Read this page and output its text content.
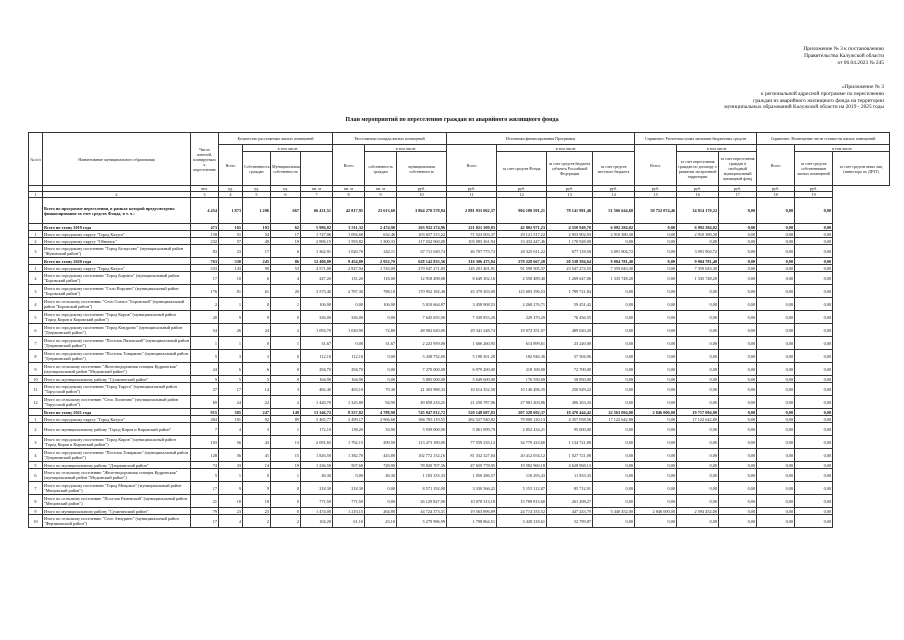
Приложение № 3 к постановлению
Правительства Калужской области
от 06.04.2023 № 245
«Приложение № 3
к региональной адресной программе по переселению
граждан из аварийного жилищного фонда на территории
муниципальных образований Калужской области на 2019 - 2025 годы
План мероприятий по переселению граждан из аварийного жилищного фонда
№ п/п	Наименование муниципального образования	Число жителей, планируемых к переселению	Количество расселяемых жилых помещений				Расселяемая площадь жилых помещений			Источники финансирования Программы				Справочно: Расчетная сумма экономии бюджетных средств			Справочно: Возмещение части стоимости жилых помещений		
			Всего	в том числе			Всего	в том числе		Всего	в том числе			Всего:	в том числе		Всего	в том числе	
				Собственность граждан	Муниципальная собственность			собственность граждан	муниципальная собственность		за счет средств Фонда	за счет средств бюджета субъекта Российской Федерации	за счет средств местного бюджета		за счет переселения граждан по договору о развитии застроенной территории	за счет переселения граждан в свободный муниципальный жилищный фонд		за счет средств собственников жилых помещений	за счет средств иных лиц (инвестора по ДРЗТ)
		чел.	ед.	ед.	ед.	кв. м	кв. м	кв. м	руб.	руб.	руб.	руб.	руб.	руб.	руб.	руб.	руб.	руб.	
1	2	3	4	5	6	7	8	9	10	11	12	13	14	15	16	17	18	19	
	Всего по программе переселения, в рамках которой предусмотрено финансирование за счет средств Фонда, в т. ч.:	4 454	1 873	1 206	667	66 431,51	42 817,95	23 613,60	3 864 270 578,84	2 881 933 062,37	904 180 591,21	78 141 981,46	51 566 644,68	50 752 074,46	34 814 170,22	0,00	0,00	0,00	
	Всего по этапу 2019 года	473	165	103	62	5 986,82	3 511,32	2 474,90	263 932 274,96	221 021 309,83	42 002 971,23	4 550 949,70	6 092 284,02	0,00	6 092 284,02	0,00	0,00	0,00	
1	Итого по городскому округу "Город Калуга"	158	51	34	17	1 727,06	1 094,60	632,46	103 657 515,22	71 523 003,37	29 121 517,22	2 953 902,93	2 910 380,30	0,00	2 910 380,30	0,00	0,00	0,00	
2	Итого по городскому округу "Обнинск"	232	57	48	19	2 896,15	1 593,82	1 300,33	117 032 960,00	103 083 361,94	13 432 447,46	1 170 928,00	0,00	0,00	0,00	0,00	0,00	0,00	
3	Итого по городскому поселению "Город Белоусово" (муниципальный район "Жуковский район")	83	23	17	6	1 362,91	1 020,70	342,11	67 711 049,74	46 707 775,72	20 325 611,22	677 118,50	3 091 904,72	0,00	3 091 904,72	0,00	0,00	0,00	
	Всего по этапу 2020 года	763	330	245	86	12 406,00	9 454,80	2 952,70	628 142 835,36	316 306 475,84	279 228 667,28	20 538 394,64	9 004 781,40	0,00	9 004 781,40	0,00	0,00	0,00	
1	Итого по городскому округу "Город Калуга"	333	143	90	53	4 571,00	2 827,94	1 743,09	279 047 271,83	145 201 401,91	91 598 505,37	23 547 274,55	7 359 043,30	0,00	7 359 043,30	0,00	0,00	0,00	
2	Итого по городскому поселению "Город Боровск" (муниципальный район "Боровский район")	17	10	6	4	247,20	131,20	116,00	12 918 498,08	8 649 302,16	2 558 489,40	1 269 647,06	1 335 748,20	0,00	1 335 748,20	0,00	0,00	0,00	
3	Итого по городскому поселению "Село Ворсино" (муниципальный район "Боровский район")	176	81	61	20	3 575,40	2 787,30	788,10	170 952 182,46	45 379 303,00	123 603 196,53	1 789 721,84	0,00	0,00	0,00	0,00	0,00	0,00	
4	Итого по сельскому поселению "Село Совхоз "Боровский" (муниципальный район "Боровский район")	2	1	0	1	106,90	0,00	106,90	5 810 664,87	3 458 908,53	2 268 276,71	59 451,42	0,00	0,00	0,00	0,00	0,00	0,00	
5	Итого по городскому поселению "Город Киров" (муниципальный район "Город Киров и Кировский район")	20	9	9	0	336,00	336,00	0,00	7 645 655,00	7 339 853,20	229 370,29	76 456,55	0,00	0,00	0,00	0,00	0,00	0,00	
6	Итого по городскому поселению "Город Кондрово" (муниципальный район "Дзержинский район")	54	26	24	2	1 093,70	1 020,90	72,80	48 902 620,00	29 341 248,74	19 072 351,07	489 020,20	0,00	0,00	0,00	0,00	0,00	0,00	
7	Итого по городскому поселению "Поселок Пятовский" (муниципальный район "Дзержинский район")	1	1	0	1	31,67	0,00	31,67	2 223 959,00	1 606 260,95	614 899,61	23 240,00	0,00	0,00	0,00	0,00	0,00	0,00	
8	Итого по городскому поселению "Поселок Товарково" (муниципальный район "Дзержинский район")	5	3	3	0	112,10	112,10	0,00	5 438 752,00	5 198 301,28	182 946,36	57 504,96	0,00	0,00	0,00	0,00	0,00	0,00	
9	Итого по сельскому поселению "Железнодорожная станция Кудринская" (муниципальный район "Медынский район")	24	6	6	0	294,70	294,70	0,00	7 270 000,00	6 979 200,00	218 100,00	72 700,00	0,00	0,00	0,00	0,00	0,00	0,00	
10	Итого по муниципальному району "Сухиничский район"	9	5	5	0	164,90	164,90	0,00	5 885 000,00	5 649 600,00	176 550,00	58 850,00	0,00	0,00	0,00	0,00	0,00	0,00	
11	Итого по городскому поселению "Город Таруса" (муниципальный район "Тарусский район")	27	17	14	3	482,40	403,10	79,30	21 303 988,33	10 614 352,58	10 140 496,35	250 929,22	0,00	0,00	0,00	0,00	0,00	0,00	
12	Итого по сельскому поселению "Село Лопатино" (муниципальный район "Тарусский район")	69	24	22	2	1 420,70	1 325,80	94,90	49 658 233,25	21 250 787,96	27 981 203,86	496 263,33	0,00	0,00	0,00	0,00	0,00	0,00	
	Всего по этапу 2021 года	915	385	247	149	13 346,72	8 557,82	4 788,90	745 847 812,72	520 148 687,83	207 228 692,37	18 470 444,42	22 563 094,00	2 846 000,00	19 717 094,00	0,00	0,00	0,00	
1	Итого по городскому округу "Город Калуга"	484	181	92	89	5 465,77	2 499,17	2 966,60	366 785 119,51	282 527 940,82	79 900 120,13	4 357 058,56	17 122 642,80	0,00	17 122 642,80	0,00	0,00	0,00	
2	Итого по муниципальному району "Город Киров и Кировский район"	7	4	3	1	172,10	138,20	33,90	5 939 000,00	5 061 899,79	2 852 434,21	95 000,00	0,00	0,00	0,00	0,00	0,00	0,00	
3	Итого по городскому поселению "Город Киров" (муниципальный район "Город Киров и Кировский район")	103	56	43	13	2 091,65	1 792,15	299,50	113 473 180,00	77 559 235,12	34 779 223,60	1 134 721,80	0,00	0,00	0,00	0,00	0,00	0,00	
4	Итого по городскому поселению "Поселок Товарково" (муниципальный район "Дзержинский район")	128	56	41	15	1 826,50	1 382,70	443,80	102 772 152,16	81 332 327,04	20 412 054,12	1 027 721,00	0,00	0,00	0,00	0,00	0,00	0,00	
5	Итого по муниципальному району "Дзержинский район"	74	33	14	19	1 236,50	507,60	728,90	78 820 707,36	47 659 778,95	19 582 960,18	4 628 968,13	0,00	0,00	0,00	0,00	0,00	0,00	
6	Итого по сельскому поселению "Железнодорожная станция Кудринская" (муниципальный район "Медынский район")	5	1	0	1	48,30	0,00	48,30	1 183 333,33	1 050 286,57	118 293,43	11 833,33	0,00	0,00	0,00	0,00	0,00	0,00	
7	Итого по городскому поселению "Город Мещовск" (муниципальный район "Мещовский район")	17	9	9	0	218,30	218,30	0,00	8 571 192,00	3 330 566,22	5 155 112,87	85 712,91	0,00	0,00	0,00	0,00	0,00	0,00	
8	Итого по сельскому поселению "Поселок Раменский" (муниципальный район "Мещовский район")	21	18	18	0	771,50	771,50	0,00	26 129 827,00	10 078 313,18	15 789 815,60	261 298,27	0,00	0,00	0,00	0,00	0,00	0,00	
9	Итого по муниципальному району "Сухиничский район"	79	23	23	0	1 474,00	1 210,15	264,80	44 724 373,31	19 563 896,89	24 714 333,52	447 243,79	5 440 452,00	2 846 000,00	2 594 452,00	0,00	0,00	0,00	
10	Итого по сельскому поселению "Село Авчурино" (муниципальный район "Ферзиковский район")	17	4	2	2	104,20	61,10	43,10	5 279 986,99	1 798 864,51	3 428 318,61	52 799,87	0,00	0,00	0,00	0,00	0,00	0,00	
